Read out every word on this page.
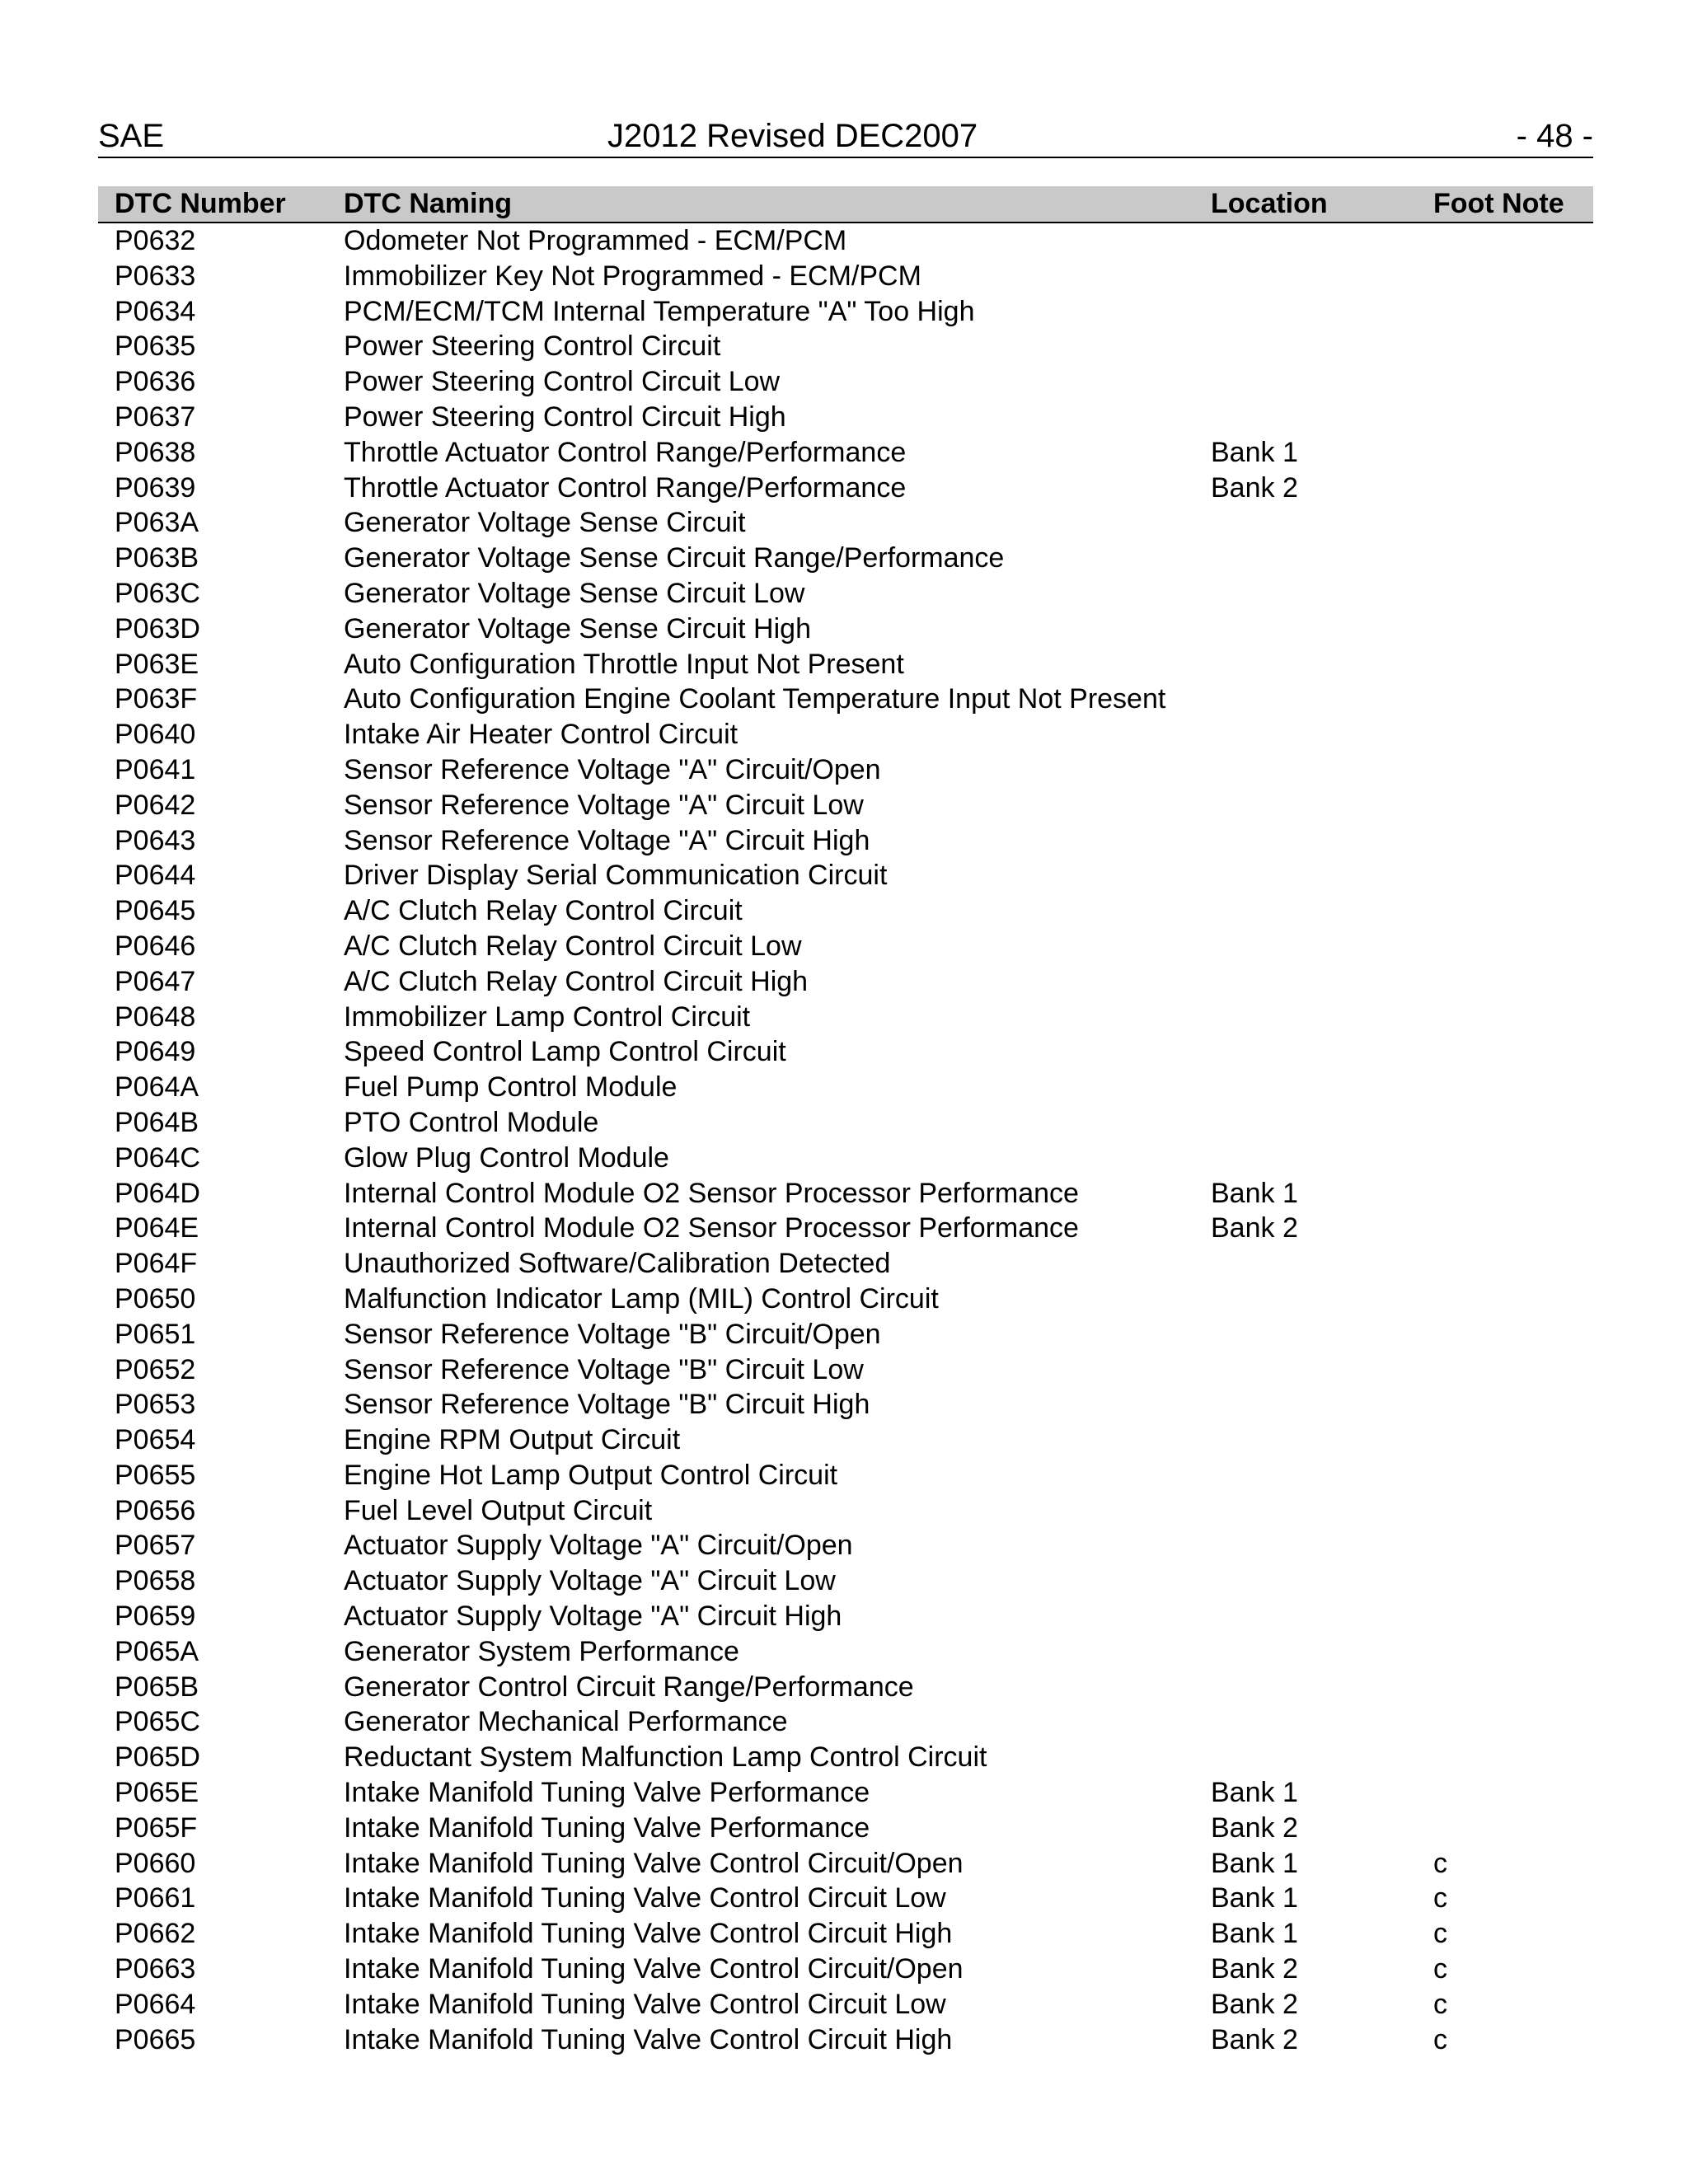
SAE	J2012 Revised DEC2007	- 48 -
DTC Number	DTC Naming	Location	Foot Note
P0632	Odometer Not Programmed - ECM/PCM		
P0633	Immobilizer Key Not Programmed - ECM/PCM		
P0634	PCM/ECM/TCM Internal Temperature "A" Too High		
P0635	Power Steering Control Circuit		
P0636	Power Steering Control Circuit Low		
P0637	Power Steering Control Circuit High		
P0638	Throttle Actuator Control Range/Performance	Bank 1	
P0639	Throttle Actuator Control Range/Performance	Bank 2	
P063A	Generator Voltage Sense Circuit		
P063B	Generator Voltage Sense Circuit Range/Performance		
P063C	Generator Voltage Sense Circuit Low		
P063D	Generator Voltage Sense Circuit High		
P063E	Auto Configuration Throttle Input Not Present		
P063F	Auto Configuration Engine Coolant Temperature Input Not Present		
P0640	Intake Air Heater Control Circuit		
P0641	Sensor Reference Voltage "A" Circuit/Open		
P0642	Sensor Reference Voltage "A" Circuit Low		
P0643	Sensor Reference Voltage "A" Circuit High		
P0644	Driver Display Serial Communication Circuit		
P0645	A/C Clutch Relay Control Circuit		
P0646	A/C Clutch Relay Control Circuit Low		
P0647	A/C Clutch Relay Control Circuit High		
P0648	Immobilizer Lamp Control Circuit		
P0649	Speed Control Lamp Control Circuit		
P064A	Fuel Pump Control Module		
P064B	PTO Control Module		
P064C	Glow Plug Control Module		
P064D	Internal Control Module O2 Sensor Processor Performance	Bank 1	
P064E	Internal Control Module O2 Sensor Processor Performance	Bank 2	
P064F	Unauthorized Software/Calibration Detected		
P0650	Malfunction Indicator Lamp (MIL) Control Circuit		
P0651	Sensor Reference Voltage "B" Circuit/Open		
P0652	Sensor Reference Voltage "B" Circuit Low		
P0653	Sensor Reference Voltage "B" Circuit High		
P0654	Engine RPM Output Circuit		
P0655	Engine Hot Lamp Output Control Circuit		
P0656	Fuel Level Output Circuit		
P0657	Actuator Supply Voltage "A" Circuit/Open		
P0658	Actuator Supply Voltage "A" Circuit Low		
P0659	Actuator Supply Voltage "A" Circuit High		
P065A	Generator System Performance		
P065B	Generator Control Circuit Range/Performance		
P065C	Generator Mechanical Performance		
P065D	Reductant System Malfunction Lamp Control Circuit		
P065E	Intake Manifold Tuning Valve Performance	Bank 1	
P065F	Intake Manifold Tuning Valve Performance	Bank 2	
P0660	Intake Manifold Tuning Valve Control Circuit/Open	Bank 1	c
P0661	Intake Manifold Tuning Valve Control Circuit Low	Bank 1	c
P0662	Intake Manifold Tuning Valve Control Circuit High	Bank 1	c
P0663	Intake Manifold Tuning Valve Control Circuit/Open	Bank 2	c
P0664	Intake Manifold Tuning Valve Control Circuit Low	Bank 2	c
P0665	Intake Manifold Tuning Valve Control Circuit High	Bank 2	c
